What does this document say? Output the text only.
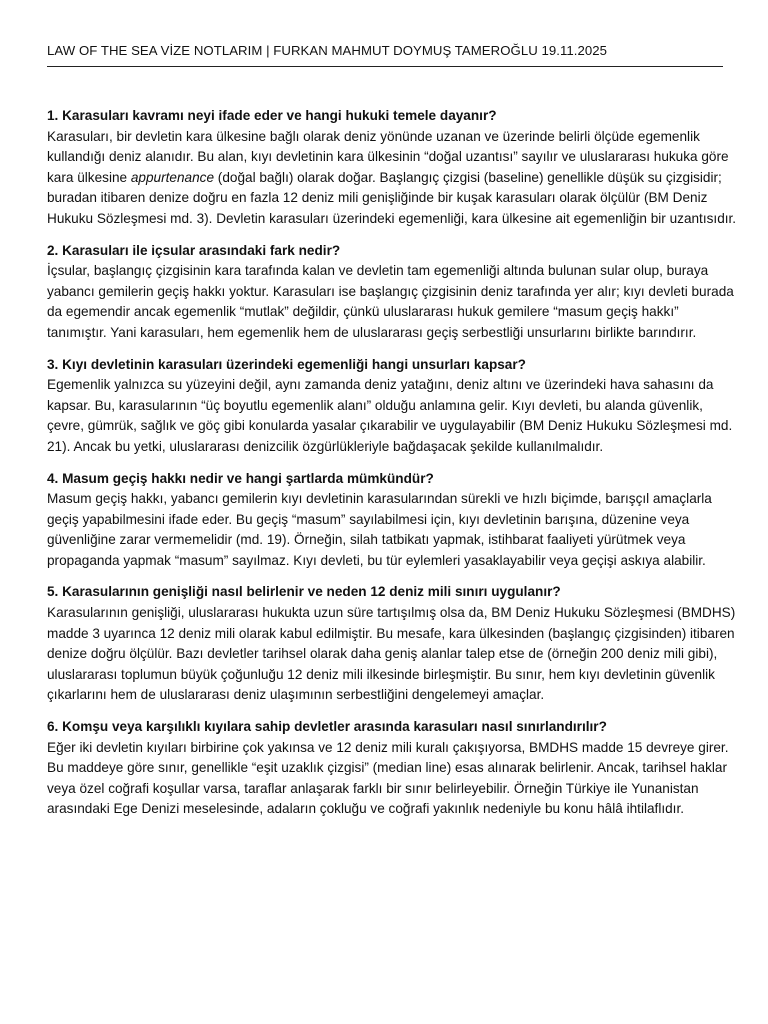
LAW OF THE SEA VİZE NOTLARIM | FURKAN MAHMUT DOYMUŞ TAMEROĞLU 19.11.2025

1. Karasuları kavramı neyi ifade eder ve hangi hukuki temele dayanır?

Karasuları, bir devletin kara ülkesine bağlı olarak deniz yönünde uzanan ve üzerinde belirli ölçüde egemenlik kullandığı deniz alanıdır. Bu alan, kıyı devletinin kara ülkesinin “doğal uzantısı” sayılır ve uluslararası hukuka göre kara ülkesine appurtenance (doğal bağlı) olarak doğar. Başlangıç çizgisi (baseline) genellikle düşük su çizgisidir; buradan itibaren denize doğru en fazla 12 deniz mili genişliğinde bir kuşak karasuları olarak ölçülür (BM Deniz Hukuku Sözleşmesi md. 3). Devletin karasuları üzerindeki egemenliği, kara ülkesine ait egemenliğin bir uzantısıdır.

2. Karasuları ile içsular arasındaki fark nedir?

İçsular, başlangıç çizgisinin kara tarafında kalan ve devletin tam egemenliği altında bulunan sular olup, buraya yabancı gemilerin geçiş hakkı yoktur. Karasuları ise başlangıç çizgisinin deniz tarafında yer alır; kıyı devleti burada da egemendir ancak egemenlik “mutlak” değildir, çünkü uluslararası hukuk gemilere “masum geçiş hakkı” tanımıştır. Yani karasuları, hem egemenlik hem de uluslararası geçiş serbestliği unsurlarını birlikte barındırır.

3. Kıyı devletinin karasuları üzerindeki egemenliği hangi unsurları kapsar?

Egemenlik yalnızca su yüzeyini değil, aynı zamanda deniz yatağını, deniz altını ve üzerindeki hava sahasını da kapsar. Bu, karasularının “üç boyutlu egemenlik alanı” olduğu anlamına gelir. Kıyı devleti, bu alanda güvenlik, çevre, gümrük, sağlık ve göç gibi konularda yasalar çıkarabilir ve uygulayabilir (BM Deniz Hukuku Sözleşmesi md. 21). Ancak bu yetki, uluslararası denizcilik özgürlükleriyle bağdaşacak şekilde kullanılmalıdır.

4. Masum geçiş hakkı nedir ve hangi şartlarda mümkündür?

Masum geçiş hakkı, yabancı gemilerin kıyı devletinin karasularından sürekli ve hızlı biçimde, barışçıl amaçlarla geçiş yapabilmesini ifade eder. Bu geçiş “masum” sayılabilmesi için, kıyı devletinin barışına, düzenine veya güvenliğine zarar vermemelidir (md. 19). Örneğin, silah tatbikatı yapmak, istihbarat faaliyeti yürütmek veya propaganda yapmak “masum” sayılmaz. Kıyı devleti, bu tür eylemleri yasaklayabilir veya geçişi askıya alabilir.

5. Karasularının genişliği nasıl belirlenir ve neden 12 deniz mili sınırı uygulanır?

Karasularının genişliği, uluslararası hukukta uzun süre tartışılmış olsa da, BM Deniz Hukuku Sözleşmesi (BMDHS) madde 3 uyarınca 12 deniz mili olarak kabul edilmiştir. Bu mesafe, kara ülkesinden (başlangıç çizgisinden) itibaren denize doğru ölçülür. Bazı devletler tarihsel olarak daha geniş alanlar talep etse de (örneğin 200 deniz mili gibi), uluslararası toplumun büyük çoğunluğu 12 deniz mili ilkesinde birleşmiştir. Bu sınır, hem kıyı devletinin güvenlik çıkarlarını hem de uluslararası deniz ulaşımının serbestliğini dengelemeyi amaçlar.

6. Komşu veya karşılıklı kıyılara sahip devletler arasında karasuları nasıl sınırlandırılır?

Eğer iki devletin kıyıları birbirine çok yakınsa ve 12 deniz mili kuralı çakışıyorsa, BMDHS madde 15 devreye girer. Bu maddeye göre sınır, genellikle “eşit uzaklık çizgisi” (median line) esas alınarak belirlenir. Ancak, tarihsel haklar veya özel coğrafi koşullar varsa, taraflar anlaşarak farklı bir sınır belirleyebilir. Örneğin Türkiye ile Yunanistan arasındaki Ege Denizi meselesinde, adaların çokluğu ve coğrafi yakınlık nedeniyle bu konu hâlâ ihtilaflıdır.
